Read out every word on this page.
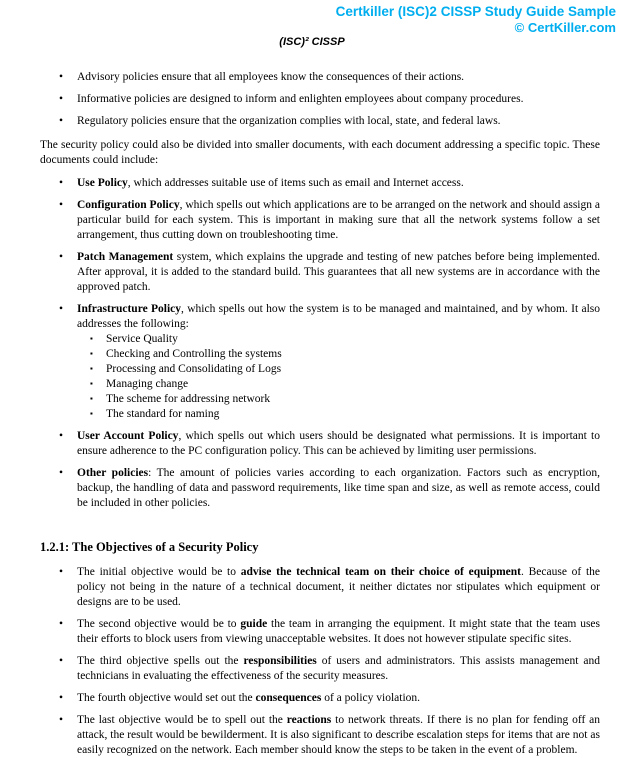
Certkiller (ISC)2 CISSP Study Guide Sample
© CertKiller.com
(ISC)² CISSP
• Advisory policies ensure that all employees know the consequences of their actions.
• Informative policies are designed to inform and enlighten employees about company procedures.
• Regulatory policies ensure that the organization complies with local, state, and federal laws.

The security policy could also be divided into smaller documents, with each document addressing a specific topic. These documents could include:

• Use Policy, which addresses suitable use of items such as email and Internet access.
• Configuration Policy, which spells out which applications are to be arranged on the network and should assign a particular build for each system. This is important in making sure that all the network systems follow a set arrangement, thus cutting down on troubleshooting time.
• Patch Management system, which explains the upgrade and testing of new patches before being implemented. After approval, it is added to the standard build. This guarantees that all new systems are in accordance with the approved patch.
• Infrastructure Policy, which spells out how the system is to be managed and maintained, and by whom. It also addresses the following:
▪ Service Quality
▪ Checking and Controlling the systems
▪ Processing and Consolidating of Logs
▪ Managing change
▪ The scheme for addressing network
▪ The standard for naming
• User Account Policy, which spells out which users should be designated what permissions. It is important to ensure adherence to the PC configuration policy. This can be achieved by limiting user permissions.
• Other policies: The amount of policies varies according to each organization. Factors such as encryption, backup, the handling of data and password requirements, like time span and size, as well as remote access, could be included in other policies.
1.2.1: The Objectives of a Security Policy
• The initial objective would be to advise the technical team on their choice of equipment. Because of the policy not being in the nature of a technical document, it neither dictates nor stipulates which equipment or designs are to be used.
• The second objective would be to guide the team in arranging the equipment. It might state that the team uses their efforts to block users from viewing unacceptable websites. It does not however stipulate specific sites.
• The third objective spells out the responsibilities of users and administrators. This assists management and technicians in evaluating the effectiveness of the security measures.
• The fourth objective would set out the consequences of a policy violation.
• The last objective would be to spell out the reactions to network threats. If there is no plan for fending off an attack, the result would be bewilderment. It is also significant to describe escalation steps for items that are not as easily recognized on the network. Each member should know the steps to be taken in the event of a problem.
